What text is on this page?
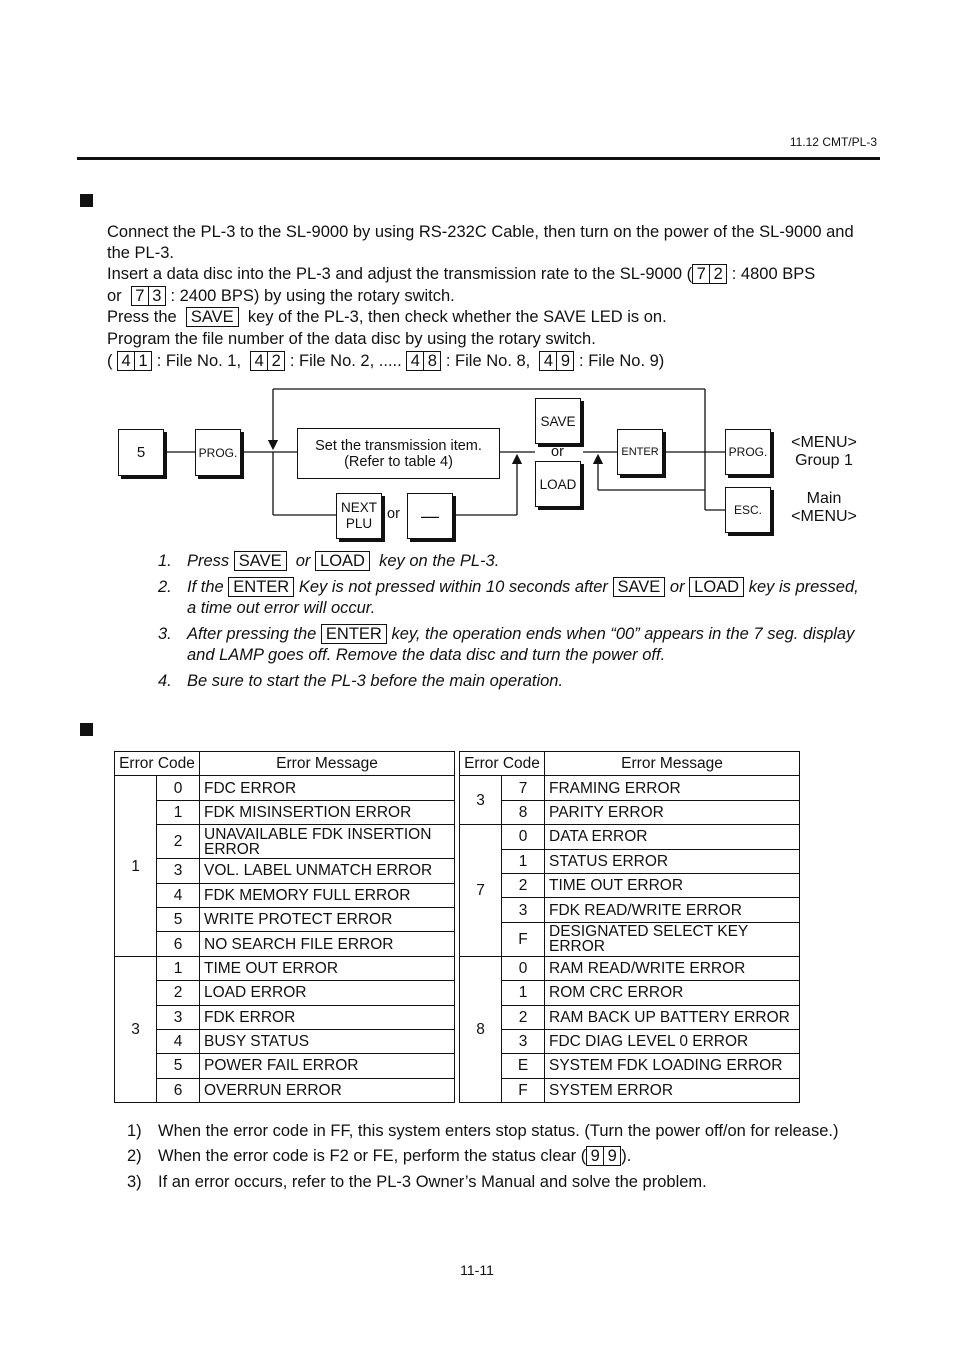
11.12 CMT/PL-3
Connect the PL-3 to the SL-9000 by using RS-232C Cable, then turn on the power of the SL-9000 and the PL-3.
Insert a data disc into the PL-3 and adjust the transmission rate to the SL-9000 ( 7 2 : 4800 BPS
or 7 3 : 2400 BPS) by using the rotary switch.
Press the SAVE key of the PL-3, then check whether the SAVE LED is on.
Program the file number of the data disc by using the rotary switch.
( 4 1 : File No. 1, 4 2 : File No. 2, ..... 4 8 : File No. 8, 4 9 : File No. 9)
5	PROG.	Set the transmission item.
(Refer to table 4)
NEXT
PLU
or	—
SAVE
or
LOAD
ENTER	PROG.
ESC.
<MENU>
Group 1
Main
<MENU>
1. Press SAVE or LOAD key on the PL-3.
2. If the ENTER Key is not pressed within 10 seconds after SAVE or LOAD key is pressed,
a time out error will occur.
3. After pressing the ENTER key, the operation ends when “00” appears in the 7 seg. display
and LAMP goes off. Remove the data disc and turn the power off.
4. Be sure to start the PL-3 before the main operation.
Error Code		Error Message
1	0	FDC ERROR
	1	FDK MISINSERTION ERROR
	2	UNAVAILABLE FDK INSERTION ERROR
	3	VOL. LABEL UNMATCH ERROR
	4	FDK MEMORY FULL ERROR
	5	WRITE PROTECT ERROR
	6	NO SEARCH FILE ERROR
3	1	TIME OUT ERROR
	2	LOAD ERROR
	3	FDK ERROR
	4	BUSY STATUS
	5	POWER FAIL ERROR
	6	OVERRUN ERROR
Error Code		Error Message
3	7	FRAMING ERROR
	8	PARITY ERROR
7	0	DATA ERROR
	1	STATUS ERROR
	2	TIME OUT ERROR
	3	FDK READ/WRITE ERROR
	F	DESIGNATED SELECT KEY ERROR
8	0	RAM READ/WRITE ERROR
	1	ROM CRC ERROR
	2	RAM BACK UP BATTERY ERROR
	3	FDC DIAG LEVEL 0 ERROR
	E	SYSTEM FDK LOADING ERROR
	F	SYSTEM ERROR
1) When the error code in FF, this system enters stop status. (Turn the power off/on for release.)
2) When the error code is F2 or FE, perform the status clear ( 9 9 ).
3) If an error occurs, refer to the PL-3 Owner’s Manual and solve the problem.
11-11
